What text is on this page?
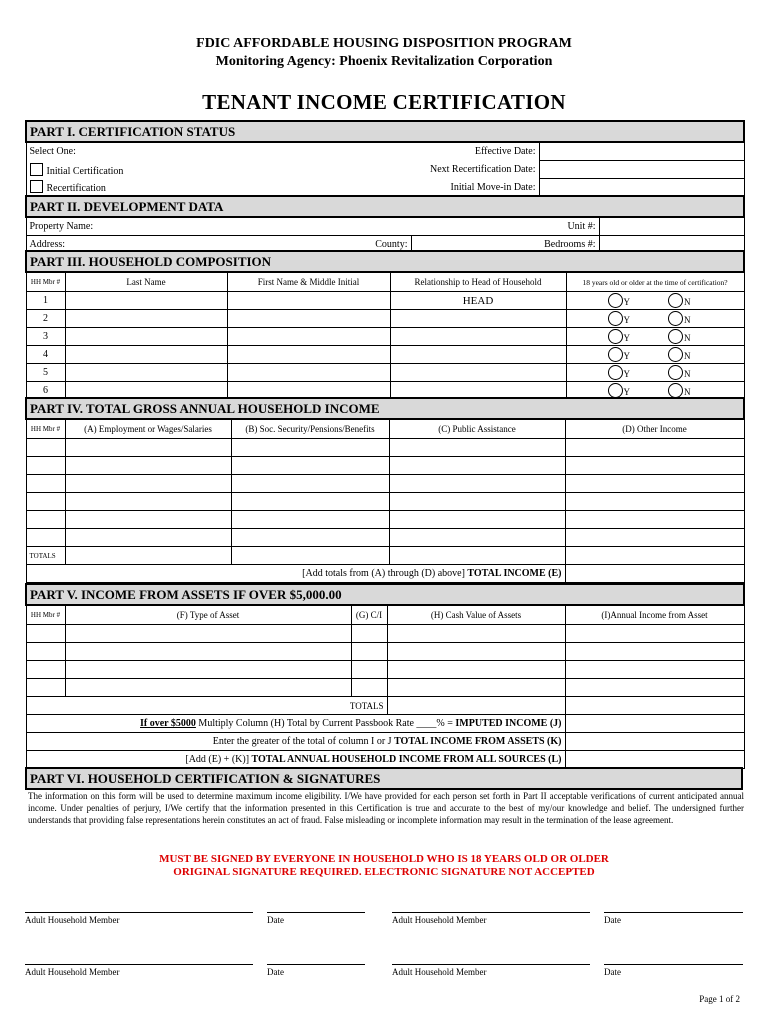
FDIC AFFORDABLE HOUSING DISPOSITION PROGRAM
Monitoring Agency: Phoenix Revitalization Corporation
TENANT INCOME CERTIFICATION
PART I. CERTIFICATION STATUS		
Select One:	Effective Date:	
Initial Certification	Next Recertification Date:	
Recertification	Initial Move-in Date:	
PART II. DEVELOPMENT DATA			
Property Name: Unit #:			

Address:	County:	Bedrooms #:	
PART III. HOUSEHOLD COMPOSITION				
HH Mbr #	Last Name	First Name & Middle Initial	Relationship to Head of Household	18 years old or older at the time of certification?
1			HEAD	Y N
2				Y N
3				Y N
4				Y N
5				Y N
6				Y N
PART IV. TOTAL GROSS ANNUAL HOUSEHOLD INCOME				
HH Mbr #	(A) Employment or Wages/Salaries	(B) Soc. Security/Pensions/Benefits	(C) Public Assistance	(D) Other Income

TOTALS				
[Add totals from (A) through (D) above] TOTAL INCOME (E)				
PART V. INCOME FROM ASSETS IF OVER $5,000.00				
HH Mbr #	(F) Type of Asset	(G) C/I	(H) Cash Value of Assets	(I)Annual Income from Asset

TOTALS				
If over $5000 Multiply Column (H) Total by Current Passbook Rate ____% = IMPUTED INCOME (J)				
Enter the greater of the total of column I or J TOTAL INCOME FROM ASSETS (K)				
[Add (E) + (K)] TOTAL ANNUAL HOUSEHOLD INCOME FROM ALL SOURCES (L)				
PART VI. HOUSEHOLD CERTIFICATION & SIGNATURES
The information on this form will be used to determine maximum income eligibility. I/We have provided for each person set forth in Part II acceptable verifications of current anticipated annual income. Under penalties of perjury, I/We certify that the information presented in this Certification is true and accurate to the best of my/our knowledge and belief. The undersigned further understands that providing false representations herein constitutes an act of fraud. False misleading or incomplete information may result in the termination of the lease agreement.
MUST BE SIGNED BY EVERYONE IN HOUSEHOLD WHO IS 18 YEARS OLD OR OLDER
ORIGINAL SIGNATURE REQUIRED. ELECTRONIC SIGNATURE NOT ACCEPTED
Adult Household Member	Date	Adult Household Member	Date
Adult Household Member	Date	Adult Household Member	Date
Page 1 of 2
